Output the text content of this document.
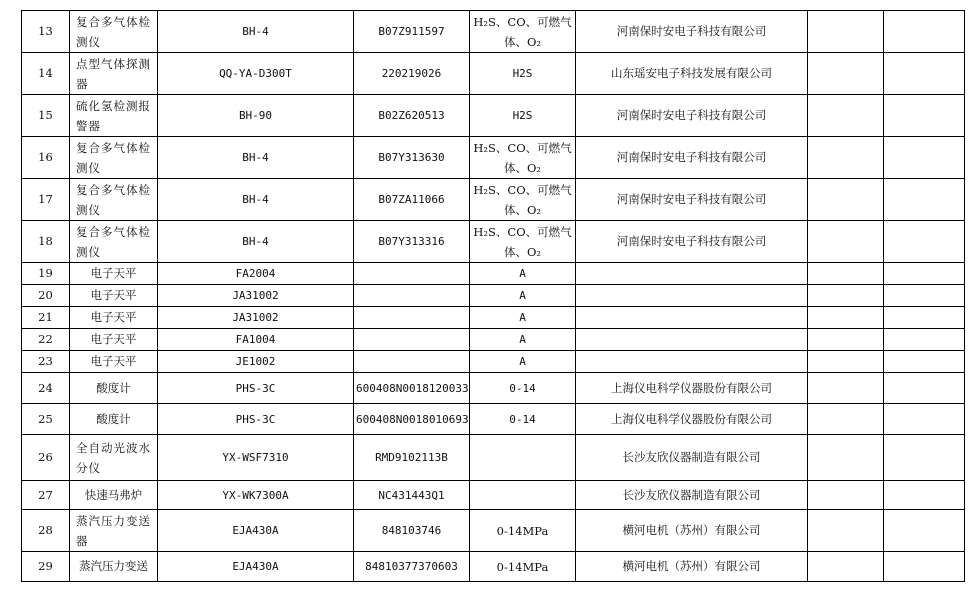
13	复合多气体检测仪	BH-4	B07Z911597	H₂S、CO、可燃气体、O₂	河南保时安电子科技有限公司		
14	点型气体探测器	QQ-YA-D300T	220219026	H2S	山东瑶安电子科技发展有限公司		
15	硫化氢检测报警器	BH-90	B02Z620513	H2S	河南保时安电子科技有限公司		
16	复合多气体检测仪	BH-4	B07Y313630	H₂S、CO、可燃气体、O₂	河南保时安电子科技有限公司		
17	复合多气体检测仪	BH-4	B07ZA11066	H₂S、CO、可燃气体、O₂	河南保时安电子科技有限公司		
18	复合多气体检测仪	BH-4	B07Y313316	H₂S、CO、可燃气体、O₂	河南保时安电子科技有限公司		
19	电子天平	FA2004		A			
20	电子天平	JA31002		A			
21	电子天平	JA31002		A			
22	电子天平	FA1004		A			
23	电子天平	JE1002		A			
24	酸度计	PHS-3C	600408N0018120033	0-14	上海仪电科学仪器股份有限公司		
25	酸度计	PHS-3C	600408N0018010693	0-14	上海仪电科学仪器股份有限公司		
26	全自动光波水分仪	YX-WSF7310	RMD9102113B		长沙友欣仪器制造有限公司		
27	快速马弗炉	YX-WK7300A	NC431443Q1		长沙友欣仪器制造有限公司		
28	蒸汽压力变送器	EJA430A	848103746	0-14MPa	横河电机（苏州）有限公司		
29	蒸汽压力变送	EJA430A	84810377370603	0-14MPa	横河电机（苏州）有限公司		
